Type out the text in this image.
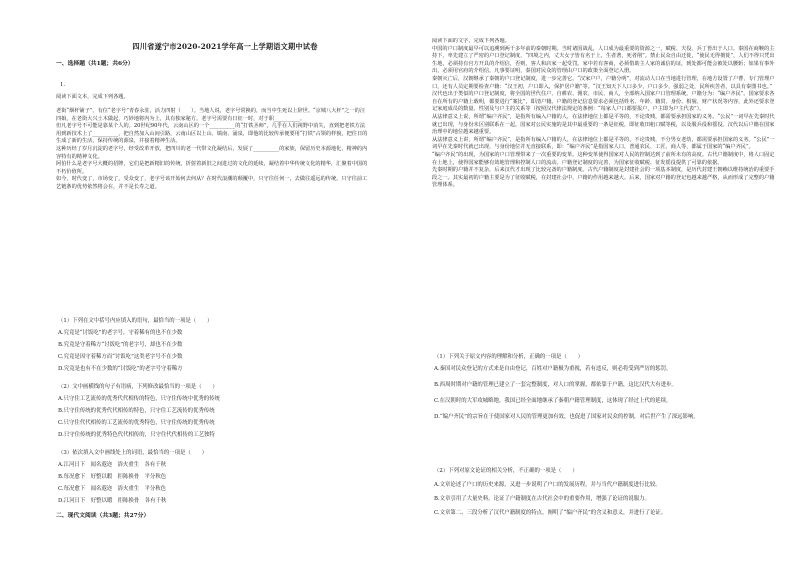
四川省遂宁市2020-2021学年高一上学期语文期中试卷
一、选择题（共1题；共6分）
1.

阅读下面文本，完成下列各题。

老街“烟杆铺子”，有位“老字号”青春永驻，活力四射（　　）。当地人说，老字号常换的，而当中生死以上辞世。“京城八大杆”之一的汪四娘，在老街大兴土木做起，巧妙地将内为上，具有独家秘方。老字号需要有日征一时，对于职__________。

但凡老字号不可能是靠某个人的。20世纪90年代，云南山区的一个__________的“打铁圣师”，几乎在人们视野中消失，直到把老铁方法用到新技术上了__________，把自然加入山间引路，云南山区以上山、镇南、涌泉，即他的比较传承便要用“打铁”占领的样貌，把往日的生成了新的生活，保持传统的源泉，并接着精神生活。

这种历经了岁月沉淀的老字号，经受改革开放，把四川的老一代带文化凝结后，发展了__________的家族，保留历史本源地化、精神的内容特有的精神文化。

阿伯什么是老字号大概的招牌，它们是把新精旧的传统，折射着新旧之间进过的文化的延续，凝结着中华传统文化的精华，汇聚着中国的不朽价值所。

如今，时代变了，市场变了，受众变了，老字号该开始何去何从？在时代浪潮的颠覆中，只守往任何一，去做往遥远的传统。只守往前工艺链条的优势依然将会在，并不是长寿之道。

（1）下列在文中括号内应填入的语句，最恰当的一项是（　　）
A.究竟是“讨饭吃”的老字号，守着稀有的也不在少数
B.究竟是守着稀方“讨饭吃”的老字号，却也不在少数
C.究竟是因守着稀方而“讨饭吃”这类老字号不在少数
D.究竟是也有不在少数的“讨饭吃”的老字号守着稀方
（2）文中画横线的句子有语病，下列修改最恰当的一项是（　　）
A.只守住工艺流传的优秀代代相传的特色，只守住传统中优秀的传统
B.只守住传统的优秀代代相传的特色，只守住工艺流传的优秀传统
C.只守住代代相传的工艺流传的优秀特色，只守住传统的优秀传统
D.只守住传统的优秀特色代代相传的，只守住代代相传的工艺独特
（3）依次填入文中画线处上的词语，最恰当的一项是（　　）
A.江河日下　闻名遐迩　浴火重生　各有千秋
B.每况愈下　好整以暇　拒陈换骨　平分秋色
C.每况愈下　闻名遐迩　浴火重生　平分秋色
D.江河日下　好整以暇　拒陈换骨　各有千秋
二、现代文阅读（共3题；共27分）

阅读下面的文字，完成下列各题。

中国的户口制度最早可以追溯到两千多年前的秦朝时期。当时诸国战乱，人口成为最重要的资源之一，赋税、夫役、兵丁皆出于人口。秦国在商鞅的主持下，率先建立了严密的户口登记制度，“四境之内，丈夫女子皆有名于上，生者著，死者削”。禁止民众自由迁徙，“使民无得擅徙”，人们不得只凭出生地，必须持有官方开具的介绍信，否则，客人和店家一起受罚。家中若有客商，必须借助主人家的诚信的证，到处都可能会被处以腰斩；如果有事外出，必须用官府的介绍信。凡事要证明，秦国对民众的管理由户口的政策全面登记入册。

秦朝灭亡后，汉朝继承了秦朝的户口登记制度，进一步完善它。“汉家户户，户籍分明”，对流动人口在当地进行管理，在地方设置了户曹，专门管理户口，还有人员定期要检查户籍：“汉王初，户口即入，保护居户籍”等。“汉王知天下人口多少，户口多少，强弱之处，民所疾苦者，以具有秦图书也。”

汉代也出于类似的户口登记制度，将全国的世代住户、自耕农、佣农、市民、商人，全部纳入国家户口管理系统。户籍分为：“编户齐民”。国家要求各自在所有的户籍上载明，都要进行“案比”，即清户籍。户籍的登记信息要求必须包括姓名、年龄、籍贯、身份、相貌、财产状况等内容，此外还要求登记家庭成员的数量、性别及与户主的关系等（按照汉代律法规定的条例：“每家人户口都要报户，户主即为户主代表”）。

从法律意义上说，所谓“编户齐民”，是指所有编入户籍的人，在法律地位上都是平等的，不论贵贱，都需要承担国家的义务。“公民”一词早在先秦时代就已出现，与身份未区别联系在一起。国家对公民实施的是其中最重要的一条是征税，即征收田租口赋等税，以及服兵役和徭役。汉代以后户籍在国家治理中的地位越来越重要。

从法律意义上讲，所谓“编户齐民”，是指所有编入户籍的人，在法律地位上都是平等的，不论贵贱，不分男女老幼，都需要承担国家的义务。“公民”一词早在先秦时代就已出现，与身份地位并无直接联系，即：“编户齐民”是指国家人口，普通农民、工匠、商人等，都属于国家的“编户齐民”。

“编户齐民”的出现，为国家的户口管理带来了一次重要的变革。这种变革使得国家对人民的控制达到了前所未有的高度。古代户籍制度中，将人口固定在土地上，使得国家能够有效地管理和控制人口的流动。户籍登记制度的完善，为国家征收赋税、征发徭役提供了可靠的依据。

先秦时期的户籍并不复杂，后来汉代才出现了比较完备的户籍制度。古代户籍制度是封建社会的一项基本制度，是历代封建王朝赖以维持统治的重要手段之一。其实最初的户籍主要是为了征收赋税，在封建社会中，户籍的作用越来越大。后来，国家对户籍的登记也越来越严格，从而形成了完整的户籍管理体系。

（1）下列关于原文内容的理解和分析，正确的一项是（　　）
A.秦国对民众登记的方式来是自由登记，百姓对户籍极为重视，若有违反，则必将受到严厉的惩罚。
B.西周时期对户籍的管理已建立了一套完整制度，对人口的掌握，都依靠于户籍，这比汉代大有进步。
C.在汉朝时的大军攻城略地，我国已经全面地继承了秦朝户籍管理制度，这体现了经过上代的延续。
D.“编户齐民”的宗旨在于使国家对人民的管理更加有效，也促进了国家对民众的控制，对后世产生了深远影响。
（2）下列对原文论证的相关分析，不正确的一项是（　　）
A.文章论述了户口的历史来源，又进一步说明了户口的发展历程，并与当代户籍制度进行比较。
B.文章引用了大量史料，论证了户籍制度在古代社会中的重要作用，增强了论证的说服力。
C.文章第二、三段分析了汉代户籍制度的特点，阐明了“编户齐民”的含义和意义，并进行了论证。
